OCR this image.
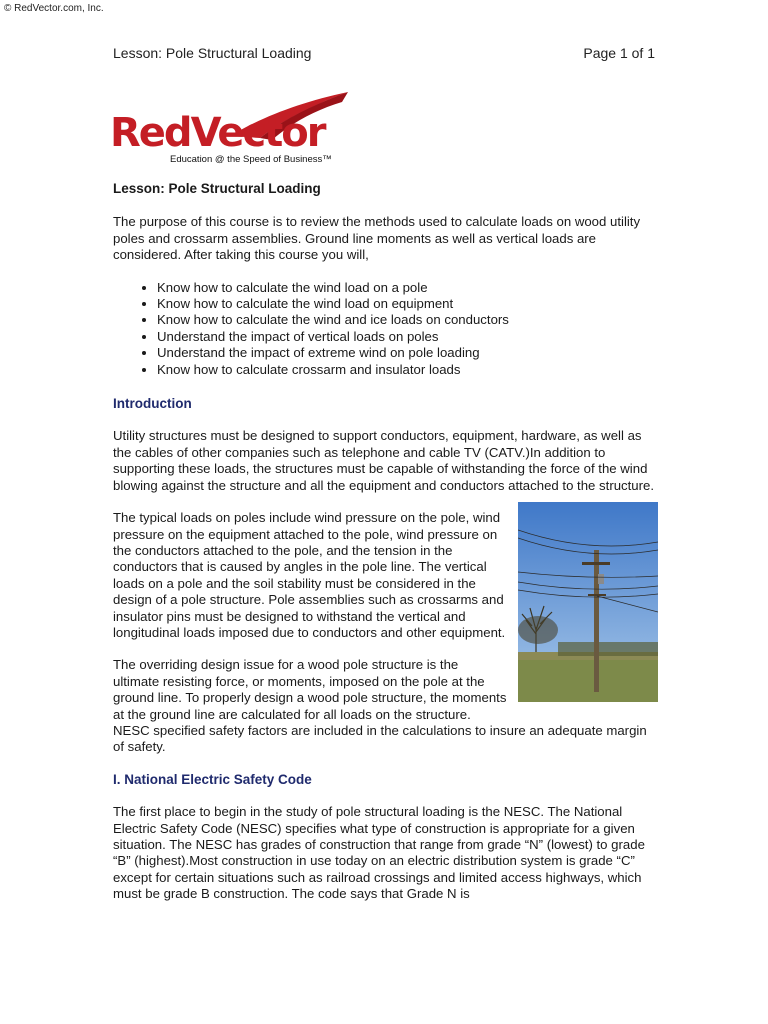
© RedVector.com, Inc.
Lesson: Pole Structural Loading	Page 1 of 1
RedVector
Education @ the Speed of Business™
Lesson: Pole Structural Loading

The purpose of this course is to review the methods used to calculate loads on wood utility poles and crossarm assemblies. Ground line moments as well as vertical loads are considered. After taking this course you will,

• Know how to calculate the wind load on a pole
• Know how to calculate the wind load on equipment
• Know how to calculate the wind and ice loads on conductors
• Understand the impact of vertical loads on poles
• Understand the impact of extreme wind on pole loading
• Know how to calculate crossarm and insulator loads
Introduction

Utility structures must be designed to support conductors, equipment, hardware, as well as the cables of other companies such as telephone and cable TV (CATV.)In addition to supporting these loads, the structures must be capable of withstanding the force of the wind blowing against the structure and all the equipment and conductors attached to the structure.

The typical loads on poles include wind pressure on the pole, wind pressure on the equipment attached to the pole, wind pressure on the conductors attached to the pole, and the tension in the conductors that is caused by angles in the pole line. The vertical loads on a pole and the soil stability must be considered in the design of a pole structure. Pole assemblies such as crossarms and insulator pins must be designed to withstand the vertical and longitudinal loads imposed due to conductors and other equipment.

The overriding design issue for a wood pole structure is the ultimate resisting force, or moments, imposed on the pole at the ground line. To properly design a wood pole structure, the moments at the ground line are calculated for all loads on the structure. NESC specified safety factors are included in the calculations to insure an adequate margin of safety.

I. National Electric Safety Code

The first place to begin in the study of pole structural loading is the NESC. The National Electric Safety Code (NESC) specifies what type of construction is appropriate for a given situation. The NESC has grades of construction that range from grade “N” (lowest) to grade “B” (highest).Most construction in use today on an electric distribution system is grade “C” except for certain situations such as railroad crossings and limited access highways, which must be grade B construction. The code says that Grade N is
